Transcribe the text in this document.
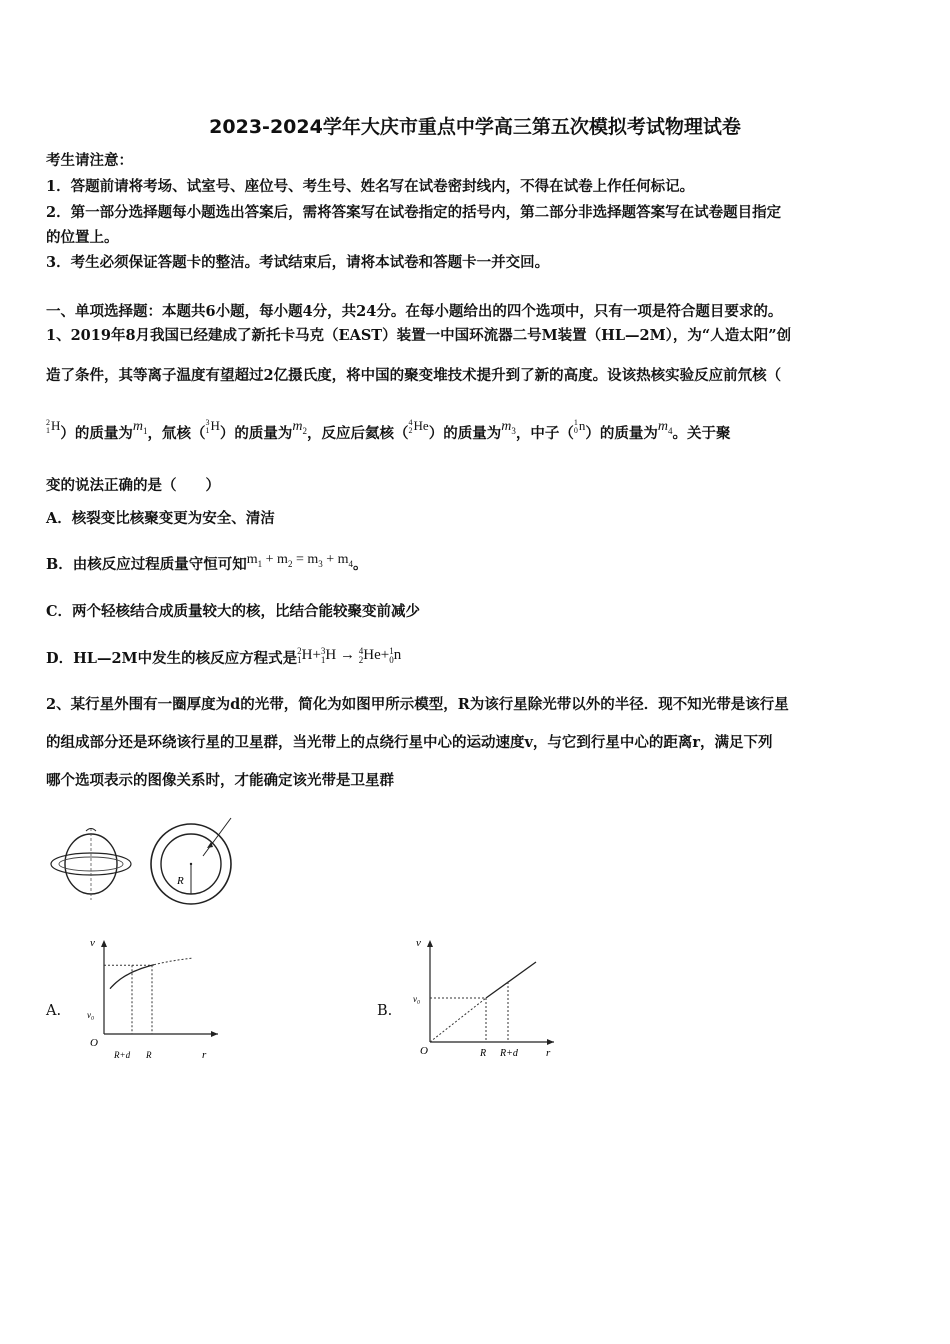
2023-2024学年大庆市重点中学高三第五次模拟考试物理试卷
考生请注意：
1．答题前请将考场、试室号、座位号、考生号、姓名写在试卷密封线内，不得在试卷上作任何标记。
2．第一部分选择题每小题选出答案后，需将答案写在试卷指定的括号内，第二部分非选择题答案写在试卷题目指定
的位置上。
3．考生必须保证答题卡的整洁。考试结束后，请将本试卷和答题卡一并交回。
一、单项选择题：本题共6小题，每小题4分，共24分。在每小题给出的四个选项中，只有一项是符合题目要求的。
1、2019年8月我国已经建成了新托卡马克（EAST）装置一中国环流器二号M装置（HL—2M），为“人造太阳”创
造了条件，其等离子温度有望超过2亿摄氏度，将中国的聚变堆技术提升到了新的高度。设该热核实验反应前氘核（
2
1 H）的质量为$m_1$，氚核（
3
1 H）的质量为$m_2$，反应后氦核（
4
2 He）的质量为$m_3$，中子（
1
0 n）的质量为$m_4$。关于聚
变的说法正确的是（　　）
A．核裂变比核聚变更为安全、清洁
B．由核反应过程质量守恒可知$m_1 + m_2 = m_3 + m_4$。
C．两个轻核结合成质量较大的核，比结合能较聚变前减少
D．HL—2M中发生的核反应方程式是 2
1 H+ 3
1 H → 4
2 He+ 1
0 n
2、某行星外围有一圈厚度为d的光带，简化为如图甲所示模型，R为该行星除光带以外的半径．现不知光带是该行星
的组成部分还是环绕该行星的卫星群，当光带上的点绕行星中心的运动速度v，与它到行星中心的距离r，满足下列
哪个选项表示的图像关系时，才能确定该光带是卫星群
R
A.	B.
v
r
O
v₀
R+d R
v
r
O
v₀
R R+d
